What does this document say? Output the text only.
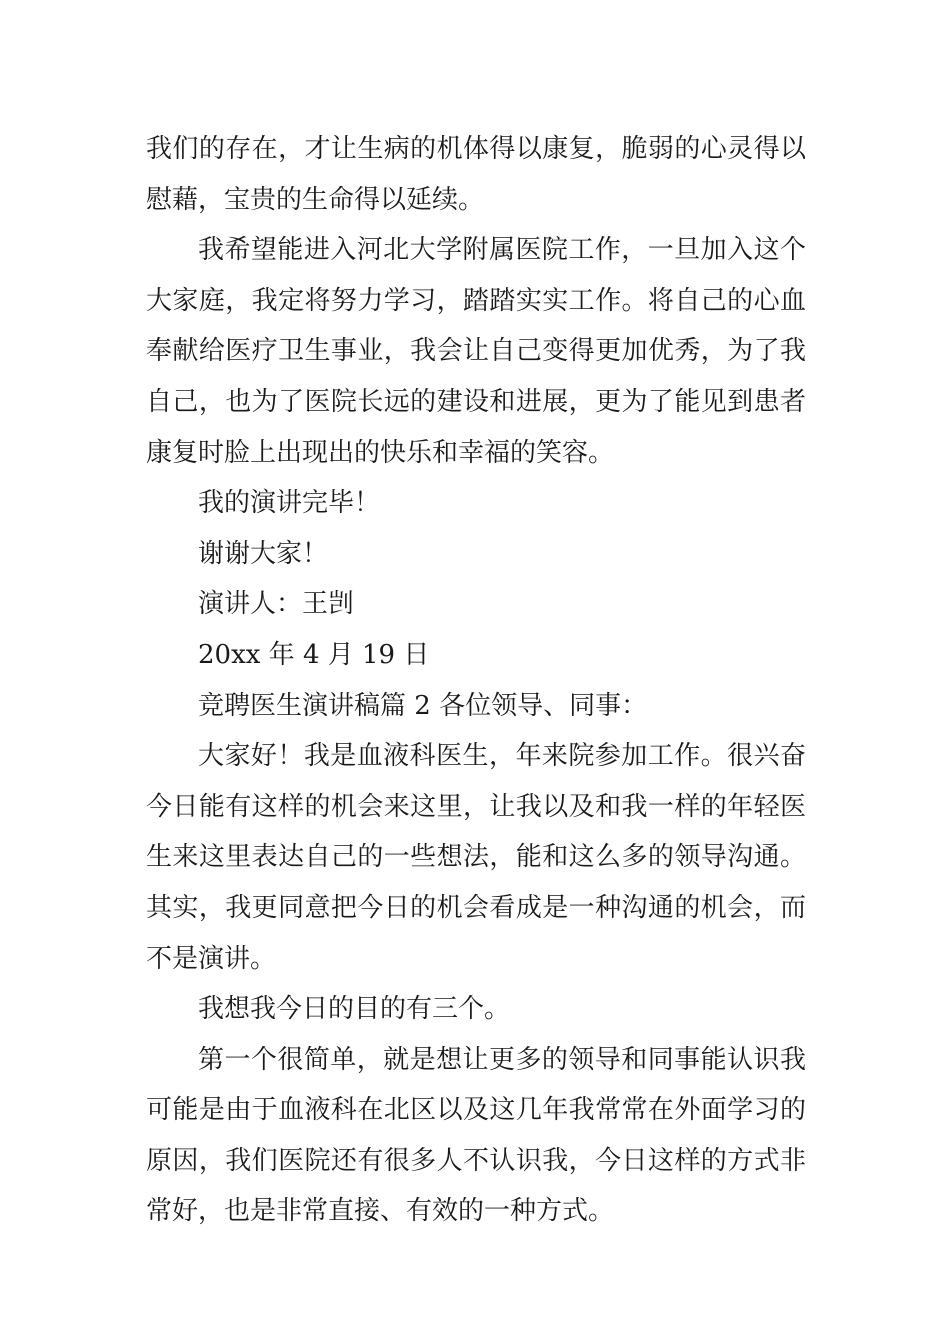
我们的存在，才让生病的机体得以康复，脆弱的心灵得以慰藉，宝贵的生命得以延续。

我希望能进入河北大学附属医院工作，一旦加入这个大家庭，我定将努力学习，踏踏实实工作。将自己的心血奉献给医疗卫生事业，我会让自己变得更加优秀，为了我自己，也为了医院长远的建设和进展，更为了能见到患者康复时脸上出现出的快乐和幸福的笑容。

我的演讲完毕！

谢谢大家！

演讲人：王剀

20xx 年 4 月 19 日

竞聘医生演讲稿篇 2 各位领导、同事：

大家好！我是血液科医生，年来院参加工作。很兴奋今日能有这样的机会来这里，让我以及和我一样的年轻医生来这里表达自己的一些想法，能和这么多的领导沟通。其实，我更同意把今日的机会看成是一种沟通的机会，而不是演讲。

我想我今日的目的有三个。

第一个很简单，就是想让更多的领导和同事能认识我可能是由于血液科在北区以及这几年我常常在外面学习的原因，我们医院还有很多人不认识我，今日这样的方式非常好，也是非常直接、有效的一种方式。
